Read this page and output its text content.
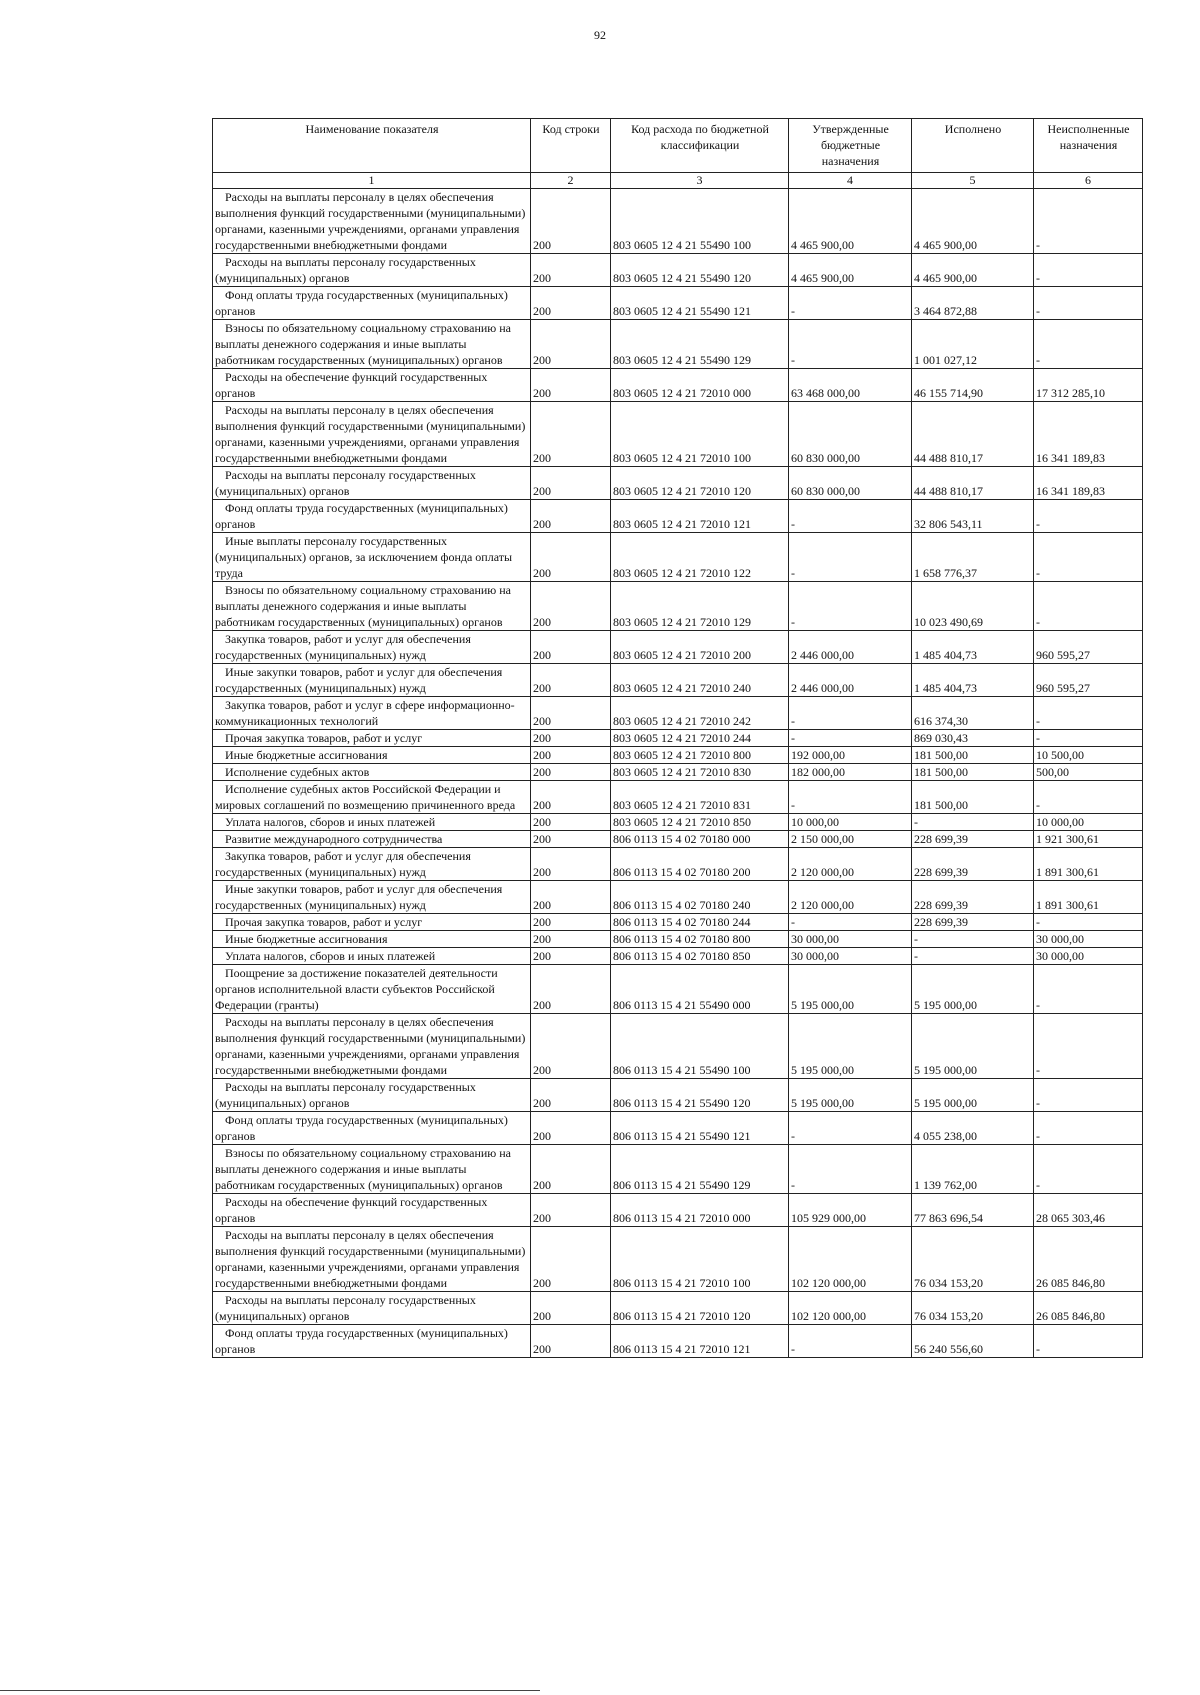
92
Наименование показателя	Код строки	Код расхода по бюджетной классификации	Утвержденные бюджетные назначения	Исполнено	Неисполненные назначения
1	2	3	4	5	6

Расходы на выплаты персоналу в целях обеспечения выполнения функций государственными (муниципальными) органами, казенными учреждениями, органами управления государственными внебюджетными фондами	200	803 0605 12 4 21 55490 100	4 465 900,00	4 465 900,00	-

Расходы на выплаты персоналу государственных (муниципальных) органов	200	803 0605 12 4 21 55490 120	4 465 900,00	4 465 900,00	-

Фонд оплаты труда государственных (муниципальных) органов	200	803 0605 12 4 21 55490 121	-	3 464 872,88	-

Взносы по обязательному социальному страхованию на выплаты денежного содержания и иные выплаты работникам государственных (муниципальных) органов	200	803 0605 12 4 21 55490 129	-	1 001 027,12	-

Расходы на обеспечение функций государственных органов	200	803 0605 12 4 21 72010 000	63 468 000,00	46 155 714,90	17 312 285,10

Расходы на выплаты персоналу в целях обеспечения выполнения функций государственными (муниципальными) органами, казенными учреждениями, органами управления государственными внебюджетными фондами	200	803 0605 12 4 21 72010 100	60 830 000,00	44 488 810,17	16 341 189,83

Расходы на выплаты персоналу государственных (муниципальных) органов	200	803 0605 12 4 21 72010 120	60 830 000,00	44 488 810,17	16 341 189,83

Фонд оплаты труда государственных (муниципальных) органов	200	803 0605 12 4 21 72010 121	-	32 806 543,11	-

Иные выплаты персоналу государственных (муниципальных) органов, за исключением фонда оплаты труда	200	803 0605 12 4 21 72010 122	-	1 658 776,37	-

Взносы по обязательному социальному страхованию на выплаты денежного содержания и иные выплаты работникам государственных (муниципальных) органов	200	803 0605 12 4 21 72010 129	-	10 023 490,69	-

Закупка товаров, работ и услуг для обеспечения государственных (муниципальных) нужд	200	803 0605 12 4 21 72010 200	2 446 000,00	1 485 404,73	960 595,27

Иные закупки товаров, работ и услуг для обеспечения государственных (муниципальных) нужд	200	803 0605 12 4 21 72010 240	2 446 000,00	1 485 404,73	960 595,27

Закупка товаров, работ и услуг в сфере информационно-коммуникационных технологий	200	803 0605 12 4 21 72010 242	-	616 374,30	-

Прочая закупка товаров, работ и услуг	200	803 0605 12 4 21 72010 244	-	869 030,43	-

Иные бюджетные ассигнования	200	803 0605 12 4 21 72010 800	192 000,00	181 500,00	10 500,00

Исполнение судебных актов	200	803 0605 12 4 21 72010 830	182 000,00	181 500,00	500,00

Исполнение судебных актов Российской Федерации и мировых соглашений по возмещению причиненного вреда	200	803 0605 12 4 21 72010 831	-	181 500,00	-

Уплата налогов, сборов и иных платежей	200	803 0605 12 4 21 72010 850	10 000,00	-	10 000,00

Развитие международного сотрудничества	200	806 0113 15 4 02 70180 000	2 150 000,00	228 699,39	1 921 300,61

Закупка товаров, работ и услуг для обеспечения государственных (муниципальных) нужд	200	806 0113 15 4 02 70180 200	2 120 000,00	228 699,39	1 891 300,61

Иные закупки товаров, работ и услуг для обеспечения государственных (муниципальных) нужд	200	806 0113 15 4 02 70180 240	2 120 000,00	228 699,39	1 891 300,61

Прочая закупка товаров, работ и услуг	200	806 0113 15 4 02 70180 244	-	228 699,39	-

Иные бюджетные ассигнования	200	806 0113 15 4 02 70180 800	30 000,00	-	30 000,00

Уплата налогов, сборов и иных платежей	200	806 0113 15 4 02 70180 850	30 000,00	-	30 000,00

Поощрение за достижение показателей деятельности органов исполнительной власти субъектов Российской Федерации (гранты)	200	806 0113 15 4 21 55490 000	5 195 000,00	5 195 000,00	-

Расходы на выплаты персоналу в целях обеспечения выполнения функций государственными (муниципальными) органами, казенными учреждениями, органами управления государственными внебюджетными фондами	200	806 0113 15 4 21 55490 100	5 195 000,00	5 195 000,00	-

Расходы на выплаты персоналу государственных (муниципальных) органов	200	806 0113 15 4 21 55490 120	5 195 000,00	5 195 000,00	-

Фонд оплаты труда государственных (муниципальных) органов	200	806 0113 15 4 21 55490 121	-	4 055 238,00	-

Взносы по обязательному социальному страхованию на выплаты денежного содержания и иные выплаты работникам государственных (муниципальных) органов	200	806 0113 15 4 21 55490 129	-	1 139 762,00	-

Расходы на обеспечение функций государственных органов	200	806 0113 15 4 21 72010 000	105 929 000,00	77 863 696,54	28 065 303,46

Расходы на выплаты персоналу в целях обеспечения выполнения функций государственными (муниципальными) органами, казенными учреждениями, органами управления государственными внебюджетными фондами	200	806 0113 15 4 21 72010 100	102 120 000,00	76 034 153,20	26 085 846,80

Расходы на выплаты персоналу государственных (муниципальных) органов	200	806 0113 15 4 21 72010 120	102 120 000,00	76 034 153,20	26 085 846,80

Фонд оплаты труда государственных (муниципальных) органов	200	806 0113 15 4 21 72010 121	-	56 240 556,60	-
